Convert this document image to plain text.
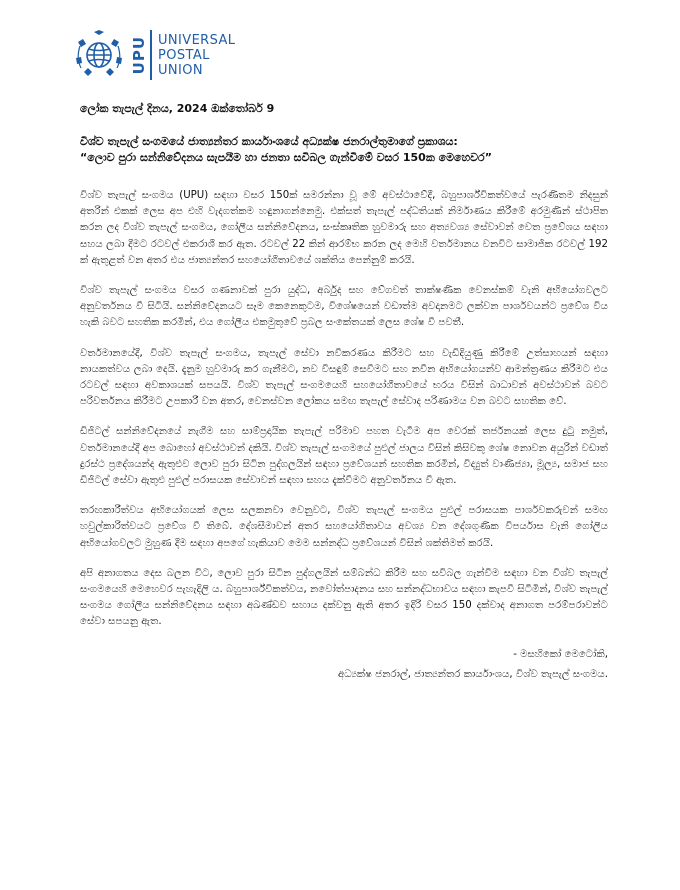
UPU UNIVERSAL
POSTAL
UNION

ලෝක තැපැල් දිනය, 2024 ඔක්තෝබර් 9

විශ්ව තැපැල් සංගමයේ ජාත්‍යන්තර කාර්යාංශයේ අධ්‍යක්ෂ ජනරාල්තුමාගේ ප්‍රකාශය:
“ලොව පුරා සන්නිවේදනය සැපයීම හා ජනතා සවිබල ගැන්වීමේ වසර 150ක මෙහෙවර”

විශ්ව තැපැල් සංගමය (UPU) සඳහා වසර 150ක් සමරන්නා වූ මේ අවස්ථාවේදී, බහුපාර්ශ්විකත්වයේ පැරණිතම නිදසුන් අතරින් එකක් ලෙස අප එහි වැදගත්කම හඳුනාගන්නෙමු. එක්සත් තැපැල් පද්ධතියක් නිර්මාණය කිරීමේ අරමුණින් ස්ථාපිත කරන ලද විශ්ව තැපැල් සංගමය, ගෝලීය සන්නිවේදනය, සංස්කෘතික හුවමාරු සහ අත්‍යවශ්‍ය සේවාවන් වෙත ප්‍රවේශය සඳහා සහය ලබා දීමට රටවල් එකරාශී කර ඇත. රටවල් 22 කින් ආරම්භ කරන ලද මෙහි වර්තමානය වනවිට සාමාජික රටවල් 192 ක් ඇතුළත් වන අතර එය ජාත්‍යන්තර සහයෝගීතාවයේ ශක්තිය පෙන්නුම් කරයි.

විශ්ව තැපැල් සංගමය වසර ගණනාවක් පුරා යුද්ධ, අර්බුද සහ වේගවත් තාක්ෂණික වෙනස්කම් වැනි අභියෝගවලට අනුවර්තනය වී සිටියි. සන්නිවේදනයට සෑම කෙනෙකුටම, විශේෂයෙන් වඩාත්ම අවදානමට ලක්වන පාර්ශවයන්ට ප්‍රවේශ විය හැකි බවට සහතික කරමින්, එය ගෝලීය එකමුතුවේ ප්‍රබල සංකේතයක් ලෙස ශේෂ වී පවතී.

වර්තමානයේදී, විශ්ව තැපැල් සංගමය, තැපැල් සේවා නවීකරණය කිරීමට සහ වැඩිදියුණු කිරීමේ උත්සාහයන් සඳහා නායකත්වය ලබා දෙයි. දැනුම හුවමාරු කර ගැනීමට, නව විසඳුම් සෙවීමට සහ නවීන අභියෝගයන්ව ආමන්ත්‍රණය කිරීමට එය රටවල් සඳහා අවකාශයක් සපයයි. විශ්ව තැපැල් සංගමයෙහි සහයෝගීතාවයේ භරය විසින් බාධාවන් අවස්ථාවන් බවට පරිවර්තනය කිරීමට උපකාරී වන අතර, වෙනස්වන ලෝකය සමඟ තැපැල් සේවාද පරිණාමය වන බවට සහතික වේ.

ඩිජිටල් සන්නිවේදනයේ නැගීම සහ සාම්ප්‍රදායික තැපැල් පරිමාව පහත වැටීම අප වෙරක් තර්ජනයක් ලෙස දුටු නමුත්, වර්තමානයේදී අප බොහෝ අවස්ථාවන් දකියි. විශ්ව තැපැල් සංගමයේ පුළුල් ජාලය විසින් කිසිවකු ශේෂ නොවන අයුරින් වඩාත් දුරස්ථ ප්‍රදේශයන්ද ඇතුළුව ලොව පුරා සිටින පුද්ගලයින් සඳහා ප්‍රවේශයන් සහතික කරමින්, විද්‍යුත් වාණිජ්‍යා, මූල්‍ය, සමාජ සහ ඩිජිටල් සේවා ඇතුළු පුළුල් පරාසයක සේවාවන් සඳහා සහය දැක්වීමට අනුවර්තනය වී ඇත.

තරඟකාරීත්වය අභියෝගයක් ලෙස සලකනවා වෙනුවට, විශ්ව තැපැල් සංගමය පුළුල් පරාසයක පාර්ශවකරුවන් සමඟ හවුල්කාරිත්වයට ප්‍රවේශ වී තිබේ. දේශසීමාවන් අතර සහයෝගිතාවය අවශ්‍ය වන දේශගුණික විපර්යාස වැනි ගෝලීය අභියෝගවලට මුහුණ දීම සඳහා අපගේ හැකියාව මෙම සන්නද්ධ ප්‍රවේශයන් විසින් ශක්තිමත් කරයි.

අපි අනාගතය දෙස බලන විට, ලොව පුරා සිටින පුද්ගලයින් සම්බන්ධ කිරීම සහ සවිබල ගැන්වීම සඳහා වන විශ්ව තැපැල් සංගමයෙහි මෙහෙවර පැහැදිලි ය. බහුපාර්ශ්විකත්වය, නවෝත්පාදනය සහ සන්නද්ධභාවය සඳහා කැපවී සිටීමින්, විශ්ව තැපැල් සංගමය ගෝලීය සන්නිවේදනය සඳහා අඛණ්ඩව සහාය දක්වනු ඇති අතර ඉදිරි වසර 150 දක්වාද අනාගත පරම්පරාවන්ට සේවා සපයනු ඇත.

- මසහිකෝ මෙටෝකි,
අධ්‍යක්ෂ ජනරාල්, ජාත්‍යන්තර කාර්යාංශය, විශ්ව තැපැල් සංගමය.
